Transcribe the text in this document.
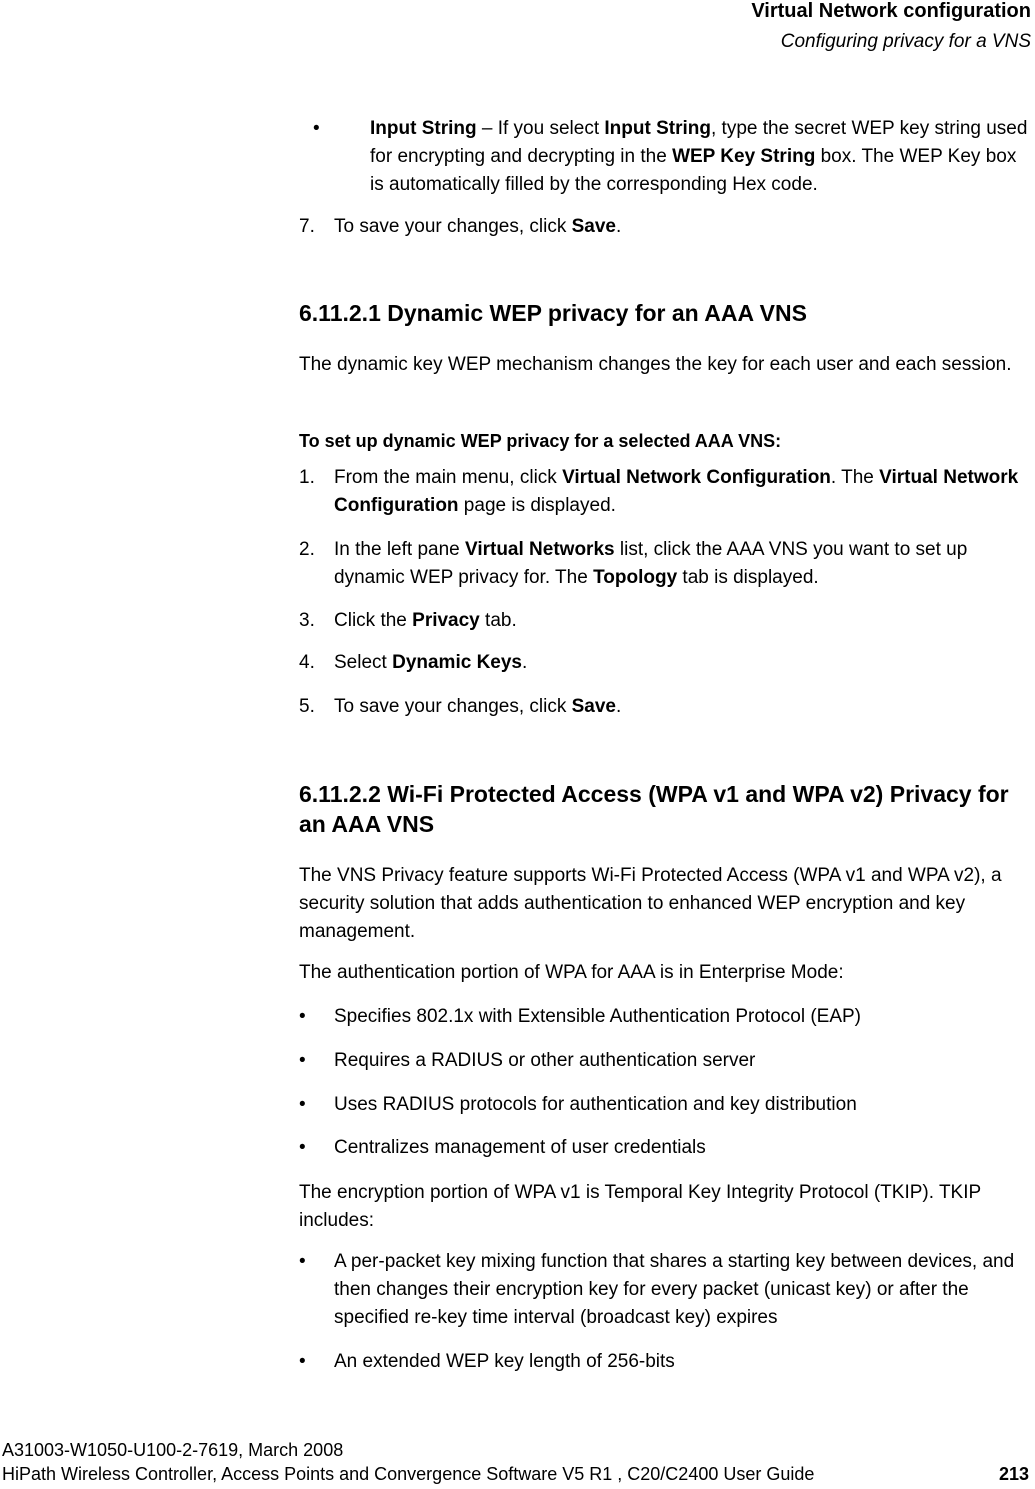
Virtual Network configuration
Configuring privacy for a VNS
•	Input String – If you select Input String, type the secret WEP key string used for encrypting and decrypting in the WEP Key String box. The WEP Key box is automatically filled by the corresponding Hex code.
7. To save your changes, click Save.
6.11.2.1 Dynamic WEP privacy for an AAA VNS
The dynamic key WEP mechanism changes the key for each user and each session.
To set up dynamic WEP privacy for a selected AAA VNS:
1. From the main menu, click Virtual Network Configuration. The Virtual Network Configuration page is displayed.
2. In the left pane Virtual Networks list, click the AAA VNS you want to set up dynamic WEP privacy for. The Topology tab is displayed.
3. Click the Privacy tab.
4. Select Dynamic Keys.
5. To save your changes, click Save.
6.11.2.2 Wi-Fi Protected Access (WPA v1 and WPA v2) Privacy for an AAA VNS
The VNS Privacy feature supports Wi-Fi Protected Access (WPA v1 and WPA v2), a security solution that adds authentication to enhanced WEP encryption and key management.
The authentication portion of WPA for AAA is in Enterprise Mode:
• Specifies 802.1x with Extensible Authentication Protocol (EAP)
• Requires a RADIUS or other authentication server
• Uses RADIUS protocols for authentication and key distribution
• Centralizes management of user credentials
The encryption portion of WPA v1 is Temporal Key Integrity Protocol (TKIP). TKIP includes:
• A per-packet key mixing function that shares a starting key between devices, and then changes their encryption key for every packet (unicast key) or after the specified re-key time interval (broadcast key) expires
• An extended WEP key length of 256-bits
A31003-W1050-U100-2-7619, March 2008
HiPath Wireless Controller, Access Points and Convergence Software V5 R1 , C20/C2400 User Guide	213
